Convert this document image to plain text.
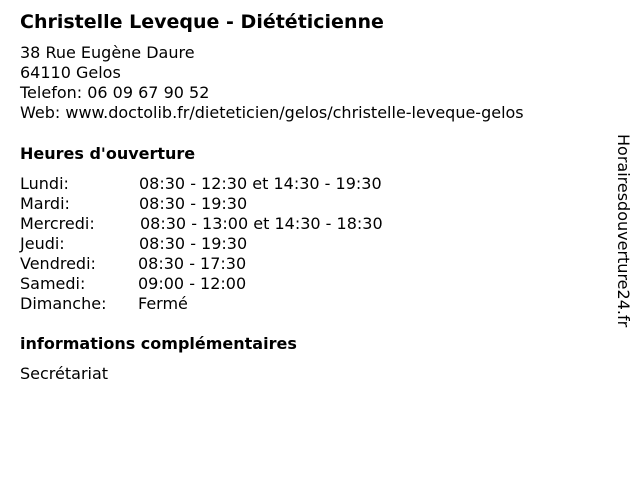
Christelle Leveque - Diététicienne
38 Rue Eugène Daure
64110 Gelos
Telefon: 06 09 67 90 52
Web: www.doctolib.fr/dieteticien/gelos/christelle-leveque-gelos
Heures d'ouverture
Lundi:	08:30 - 12:30 et 14:30 - 19:30
Mardi:	08:30 - 19:30
Mercredi:	08:30 - 13:00 et 14:30 - 18:30
Jeudi:	08:30 - 19:30
Vendredi:	08:30 - 17:30
Samedi:	09:00 - 12:00
Dimanche: Fermé
informations complémentaires
Secrétariat
Horairesdouverture24.fr
